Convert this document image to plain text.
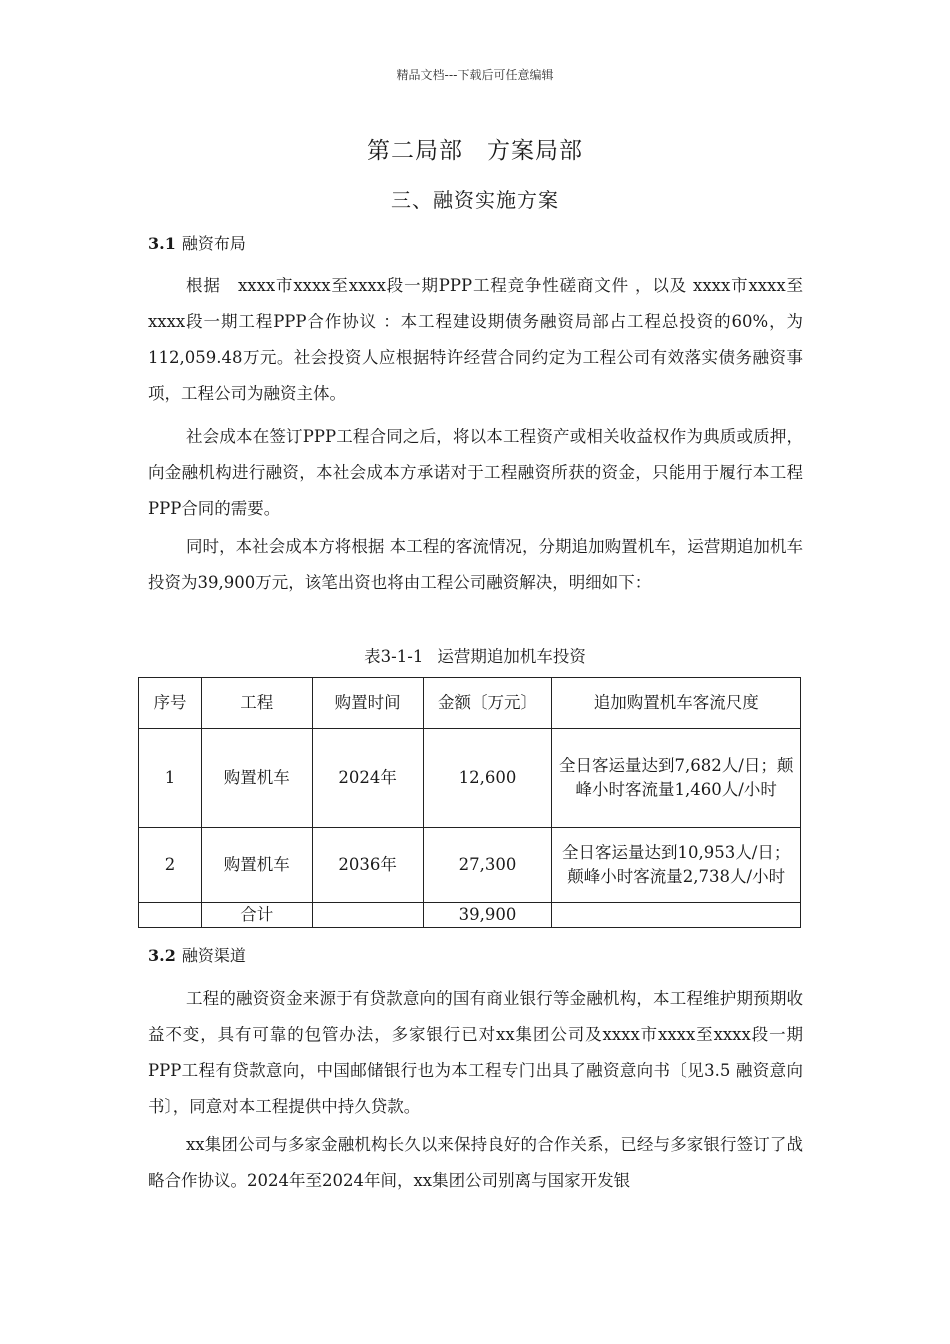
精品文档---下载后可任意编辑
第二局部　方案局部
三、融资实施方案
3.1 融资布局

根据　xxxx市xxxx至xxxx段一期PPP工程竞争性磋商文件 ，以及 xxxx市xxxx至xxxx段一期工程PPP合作协议 ：本工程建设期债务融资局部占工程总投资的60%，为112,059.48万元。社会投资人应根据特许经营合同约定为工程公司有效落实债务融资事项，工程公司为融资主体。

社会成本在签订PPP工程合同之后，将以本工程资产或相关收益权作为典质或质押，向金融机构进行融资，本社会成本方承诺对于工程融资所获的资金，只能用于履行本工程PPP合同的需要。

同时，本社会成本方将根据 本工程的客流情况，分期追加购置机车，运营期追加机车投资为39,900万元，该笔出资也将由工程公司融资解决，明细如下：

表3-1-1 运营期追加机车投资
序号	工程	购置时间	金额〔万元〕	追加购置机车客流尺度
1	购置机车	2024年	12,600	全日客运量达到7,682人/日；颠峰小时客流量1,460人/小时
2	购置机车	2036年	27,300	全日客运量达到10,953人/日；颠峰小时客流量2,738人/小时
	合计		39,900	
3.2 融资渠道

工程的融资资金来源于有贷款意向的国有商业银行等金融机构，本工程维护期预期收益不变，具有可靠的包管办法，多家银行已对xx集团公司及xxxx市xxxx至xxxx段一期PPP工程有贷款意向，中国邮储银行也为本工程专门出具了融资意向书〔见3.5 融资意向书〕，同意对本工程提供中持久贷款。

xx集团公司与多家金融机构长久以来保持良好的合作关系，已经与多家银行签订了战略合作协议。2024年至2024年间，xx集团公司别离与国家开发银
